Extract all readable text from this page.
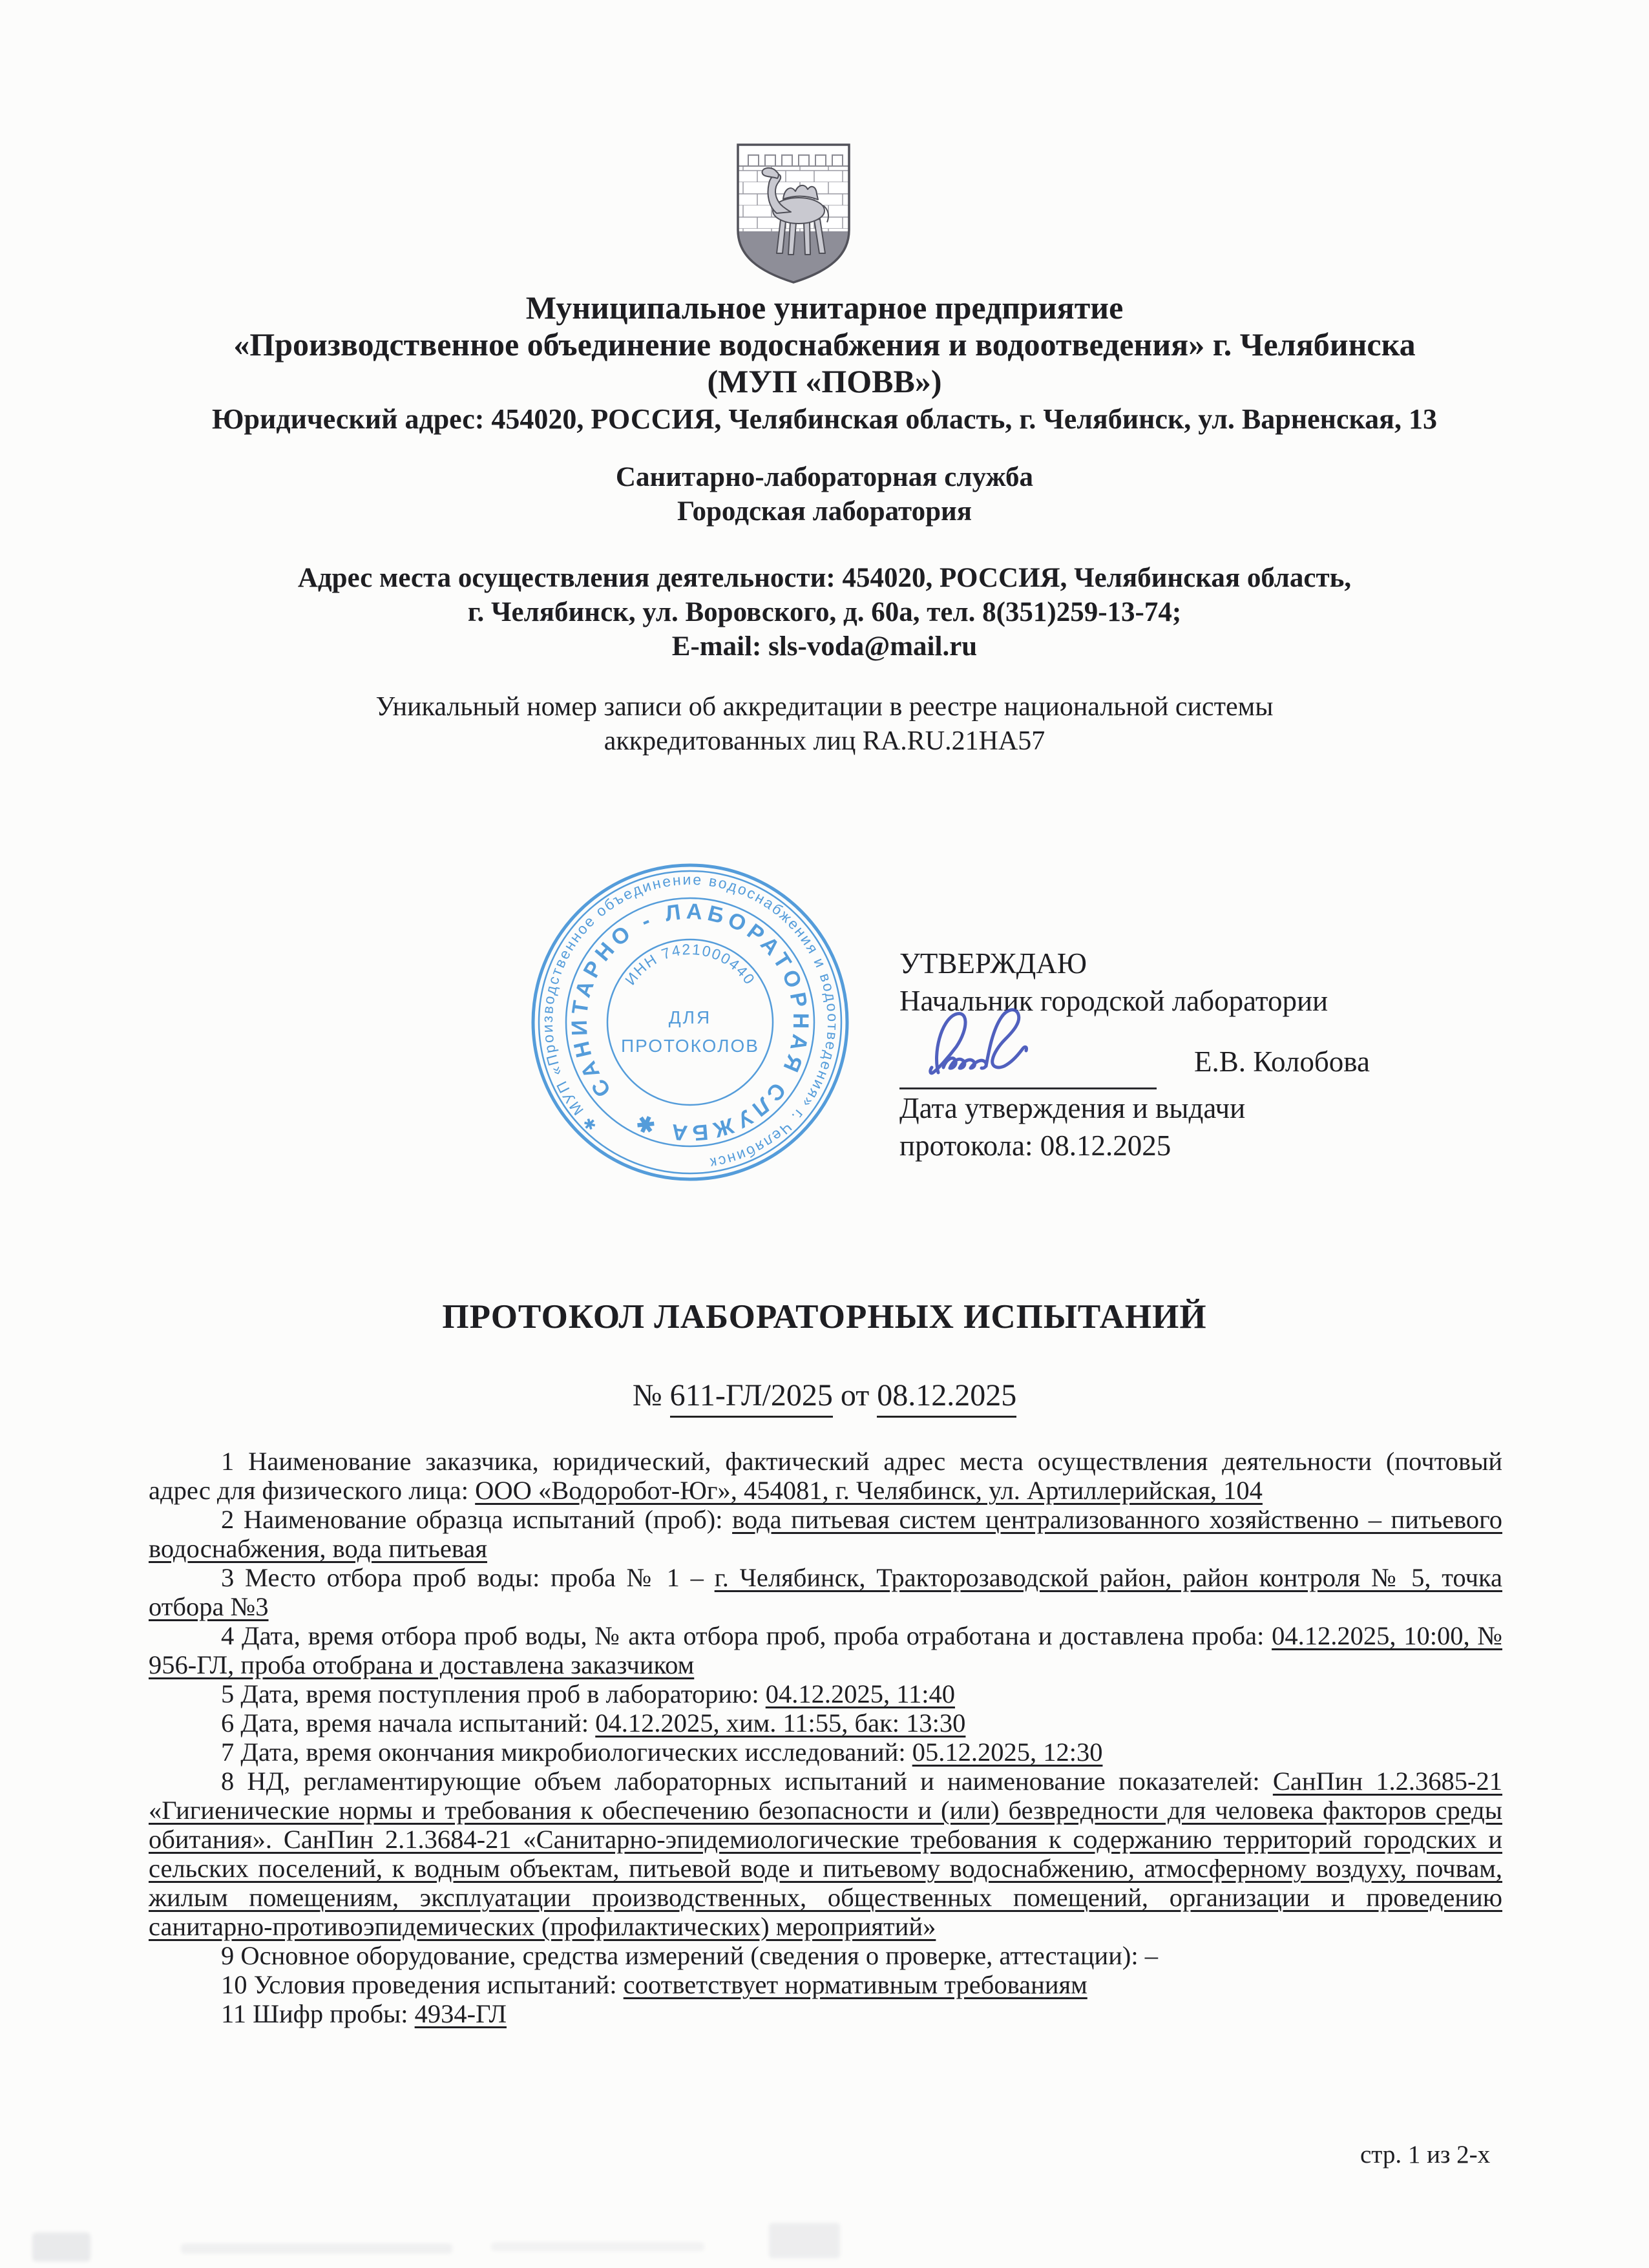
Муниципальное унитарное предприятие
«Производственное объединение водоснабжения и водоотведения» г. Челябинска
(МУП «ПОВВ»)
Юридический адрес: 454020, РОССИЯ, Челябинская область, г. Челябинск, ул. Варненская, 13
Санитарно-лабораторная служба
Городская лаборатория
Адрес места осуществления деятельности: 454020, РОССИЯ, Челябинская область,
г. Челябинск, ул. Воровского, д. 60а, тел. 8(351)259-13-74;
E-mail: sls-voda@mail.ru
Уникальный номер записи об аккредитации в реестре национальной системы
аккредитованных лиц RA.RU.21НА57
✱ МУП «Производственное объединение водоснабжения и водоотведения» г. Челябинск
САНИТАРНО - ЛАБОРАТОРНАЯ СЛУЖБА ✱
ИНН 7421000440
ДЛЯ
ПРОТОКОЛОВ

УТВЕРЖДАЮ

Начальник городской лаборатории

Е.В. Колобова

Дата утверждения и выдачи

протокола: 08.12.2025

ПРОТОКОЛ ЛАБОРАТОРНЫХ ИСПЫТАНИЙ
№ 611-ГЛ/2025 от 08.12.2025

1 Наименование заказчика, юридический, фактический адрес места осуществления деятельности (почтовый адрес для физического лица: ООО «Водоробот-Юг», 454081, г. Челябинск, ул. Артиллерийская, 104

2 Наименование образца испытаний (проб): вода питьевая систем централизованного хозяйственно – питьевого водоснабжения, вода питьевая

3 Место отбора проб воды: проба № 1 – г. Челябинск, Тракторозаводской район, район контроля № 5, точка отбора №3

4 Дата, время отбора проб воды, № акта отбора проб, проба отработана и доставлена проба: 04.12.2025, 10:00, № 956-ГЛ, проба отобрана и доставлена заказчиком

5 Дата, время поступления проб в лабораторию: 04.12.2025, 11:40

6 Дата, время начала испытаний: 04.12.2025, хим. 11:55, бак: 13:30

7 Дата, время окончания микробиологических исследований: 05.12.2025, 12:30

8 НД, регламентирующие объем лабораторных испытаний и наименование показателей: СанПин 1.2.3685-21 «Гигиенические нормы и требования к обеспечению безопасности и (или) безвредности для человека факторов среды обитания». СанПин 2.1.3684-21 «Санитарно-эпидемиологические требования к содержанию территорий городских и сельских поселений, к водным объектам, питьевой воде и питьевому водоснабжению, атмосферному воздуху, почвам, жилым помещениям, эксплуатации производственных, общественных помещений, организации и проведению санитарно-противоэпидемических (профилактических) мероприятий»

9 Основное оборудование, средства измерений (сведения о проверке, аттестации): –

10 Условия проведения испытаний: соответствует нормативным требованиям

11 Шифр пробы: 4934-ГЛ

стр. 1 из 2-х
